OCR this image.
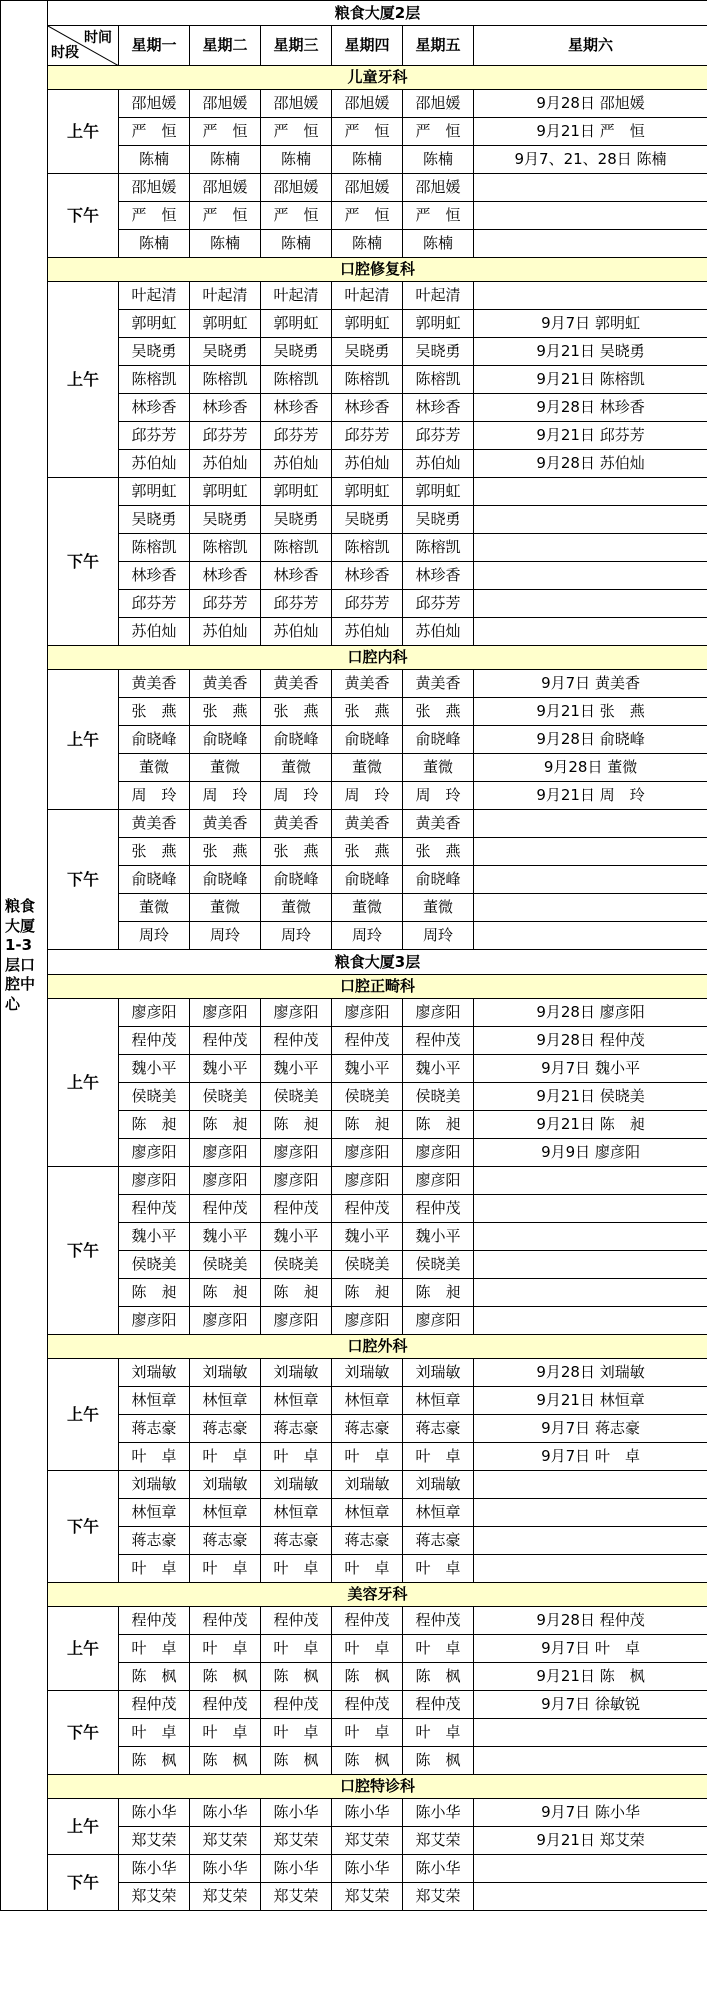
粮食大厦1-3层口腔中心	粮食大厦2层						

	时间
时段	星期一	星期二	星期三	星期四	星期五	星期六
	儿童牙科						
	上午	邵旭媛	邵旭媛	邵旭媛	邵旭媛	邵旭媛	9月28日 邵旭媛
		严　恒	严　恒	严　恒	严　恒	严　恒	9月21日 严　恒
		陈楠	陈楠	陈楠	陈楠	陈楠	9月7、21、28日 陈楠
	下午	邵旭媛	邵旭媛	邵旭媛	邵旭媛	邵旭媛	
		严　恒	严　恒	严　恒	严　恒	严　恒	
		陈楠	陈楠	陈楠	陈楠	陈楠	
	口腔修复科						
	上午	叶起清	叶起清	叶起清	叶起清	叶起清	
		郭明虹	郭明虹	郭明虹	郭明虹	郭明虹	9月7日 郭明虹
		吴晓勇	吴晓勇	吴晓勇	吴晓勇	吴晓勇	9月21日 吴晓勇
		陈榕凯	陈榕凯	陈榕凯	陈榕凯	陈榕凯	9月21日 陈榕凯
		林珍香	林珍香	林珍香	林珍香	林珍香	9月28日 林珍香
		邱芬芳	邱芬芳	邱芬芳	邱芬芳	邱芬芳	9月21日 邱芬芳
		苏伯灿	苏伯灿	苏伯灿	苏伯灿	苏伯灿	9月28日 苏伯灿
	下午	郭明虹	郭明虹	郭明虹	郭明虹	郭明虹	
		吴晓勇	吴晓勇	吴晓勇	吴晓勇	吴晓勇	
		陈榕凯	陈榕凯	陈榕凯	陈榕凯	陈榕凯	
		林珍香	林珍香	林珍香	林珍香	林珍香	
		邱芬芳	邱芬芳	邱芬芳	邱芬芳	邱芬芳	
		苏伯灿	苏伯灿	苏伯灿	苏伯灿	苏伯灿	
	口腔内科						
	上午	黄美香	黄美香	黄美香	黄美香	黄美香	9月7日 黄美香
		张　燕	张　燕	张　燕	张　燕	张　燕	9月21日 张　燕
		俞晓峰	俞晓峰	俞晓峰	俞晓峰	俞晓峰	9月28日 俞晓峰
		董微	董微	董微	董微	董微	9月28日 董微
		周　玲	周　玲	周　玲	周　玲	周　玲	9月21日 周　玲
	下午	黄美香	黄美香	黄美香	黄美香	黄美香	
		张　燕	张　燕	张　燕	张　燕	张　燕	
		俞晓峰	俞晓峰	俞晓峰	俞晓峰	俞晓峰	
		董微	董微	董微	董微	董微	
		周玲	周玲	周玲	周玲	周玲	
	粮食大厦3层						
	口腔正畸科						
	上午	廖彦阳	廖彦阳	廖彦阳	廖彦阳	廖彦阳	9月28日 廖彦阳
		程仲茂	程仲茂	程仲茂	程仲茂	程仲茂	9月28日 程仲茂
		魏小平	魏小平	魏小平	魏小平	魏小平	9月7日 魏小平
		侯晓美	侯晓美	侯晓美	侯晓美	侯晓美	9月21日 侯晓美
		陈　昶	陈　昶	陈　昶	陈　昶	陈　昶	9月21日 陈　昶
		廖彦阳	廖彦阳	廖彦阳	廖彦阳	廖彦阳	9月9日 廖彦阳
	下午	廖彦阳	廖彦阳	廖彦阳	廖彦阳	廖彦阳	
		程仲茂	程仲茂	程仲茂	程仲茂	程仲茂	
		魏小平	魏小平	魏小平	魏小平	魏小平	
		侯晓美	侯晓美	侯晓美	侯晓美	侯晓美	
		陈　昶	陈　昶	陈　昶	陈　昶	陈　昶	
		廖彦阳	廖彦阳	廖彦阳	廖彦阳	廖彦阳	
	口腔外科						
	上午	刘瑞敏	刘瑞敏	刘瑞敏	刘瑞敏	刘瑞敏	9月28日 刘瑞敏
		林恒章	林恒章	林恒章	林恒章	林恒章	9月21日 林恒章
		蒋志豪	蒋志豪	蒋志豪	蒋志豪	蒋志豪	9月7日 蒋志豪
		叶　卓	叶　卓	叶　卓	叶　卓	叶　卓	9月7日 叶　卓
	下午	刘瑞敏	刘瑞敏	刘瑞敏	刘瑞敏	刘瑞敏	
		林恒章	林恒章	林恒章	林恒章	林恒章	
		蒋志豪	蒋志豪	蒋志豪	蒋志豪	蒋志豪	
		叶　卓	叶　卓	叶　卓	叶　卓	叶　卓	
	美容牙科						
	上午	程仲茂	程仲茂	程仲茂	程仲茂	程仲茂	9月28日 程仲茂
		叶　卓	叶　卓	叶　卓	叶　卓	叶　卓	9月7日 叶　卓
		陈　枫	陈　枫	陈　枫	陈　枫	陈　枫	9月21日 陈　枫
	下午	程仲茂	程仲茂	程仲茂	程仲茂	程仲茂	9月7日 徐敏锐
		叶　卓	叶　卓	叶　卓	叶　卓	叶　卓	
		陈　枫	陈　枫	陈　枫	陈　枫	陈　枫	
	口腔特诊科						
	上午	陈小华	陈小华	陈小华	陈小华	陈小华	9月7日 陈小华
		郑艾荣	郑艾荣	郑艾荣	郑艾荣	郑艾荣	9月21日 郑艾荣
	下午	陈小华	陈小华	陈小华	陈小华	陈小华	
		郑艾荣	郑艾荣	郑艾荣	郑艾荣	郑艾荣	
